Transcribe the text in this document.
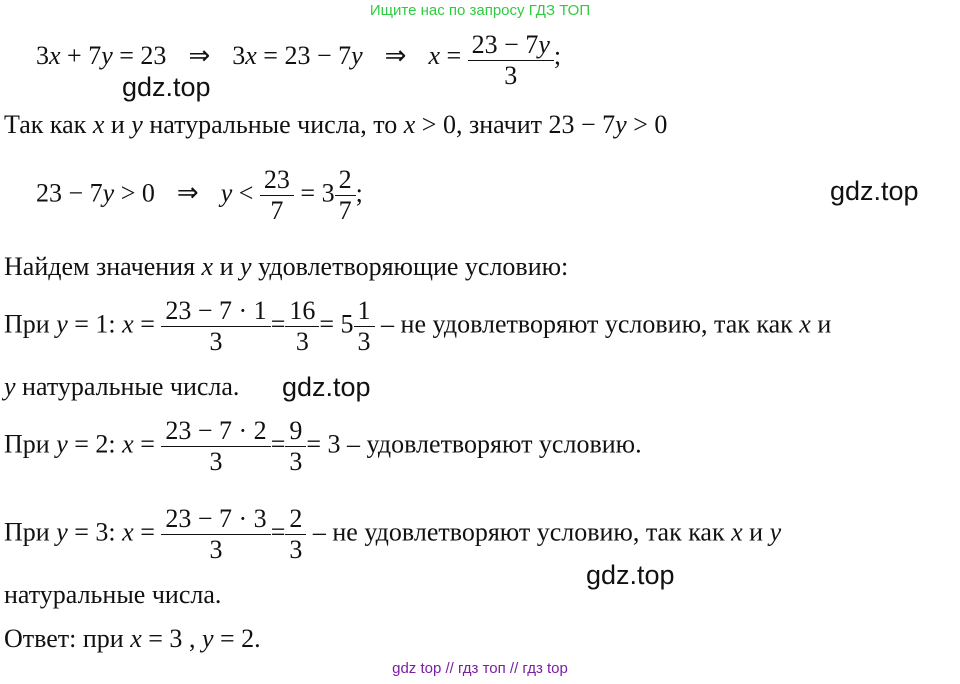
Ищите нас по запросу ГДЗ ТОП
3x + 7y = 23 ⇒ 3x = 23 − 7y ⇒ $x = \frac{23 - 7y}{3}$ ;
gdz.top
Так как x и y натуральные числа, то x > 0, значит 23 − 7y > 0
23 − 7y > 0 ⇒ $y < \frac{23}{7} = 3 \frac{2}{7}$ ;	gdz.top
Найдем значения x и y удовлетворяющие условию:
При y = 1: $x = \frac{23 - 7 \cdot 1}{3} = \frac{16}{3} = 5 \frac{1}{3}$ – не удовлетворяют условию, так как x и
y натуральные числа. gdz.top
При y = 2: $x = \frac{23 - 7 \cdot 2}{3} = \frac{9}{3} = 3$ – удовлетворяют условию.
При y = 3: $x = \frac{23 - 7 \cdot 3}{3} = \frac{2}{3}$ – не удовлетворяют условию, так как x и y
gdz.top
натуральные числа.
Ответ: при x = 3 , y = 2.
gdz top // гдз топ // гдз top
